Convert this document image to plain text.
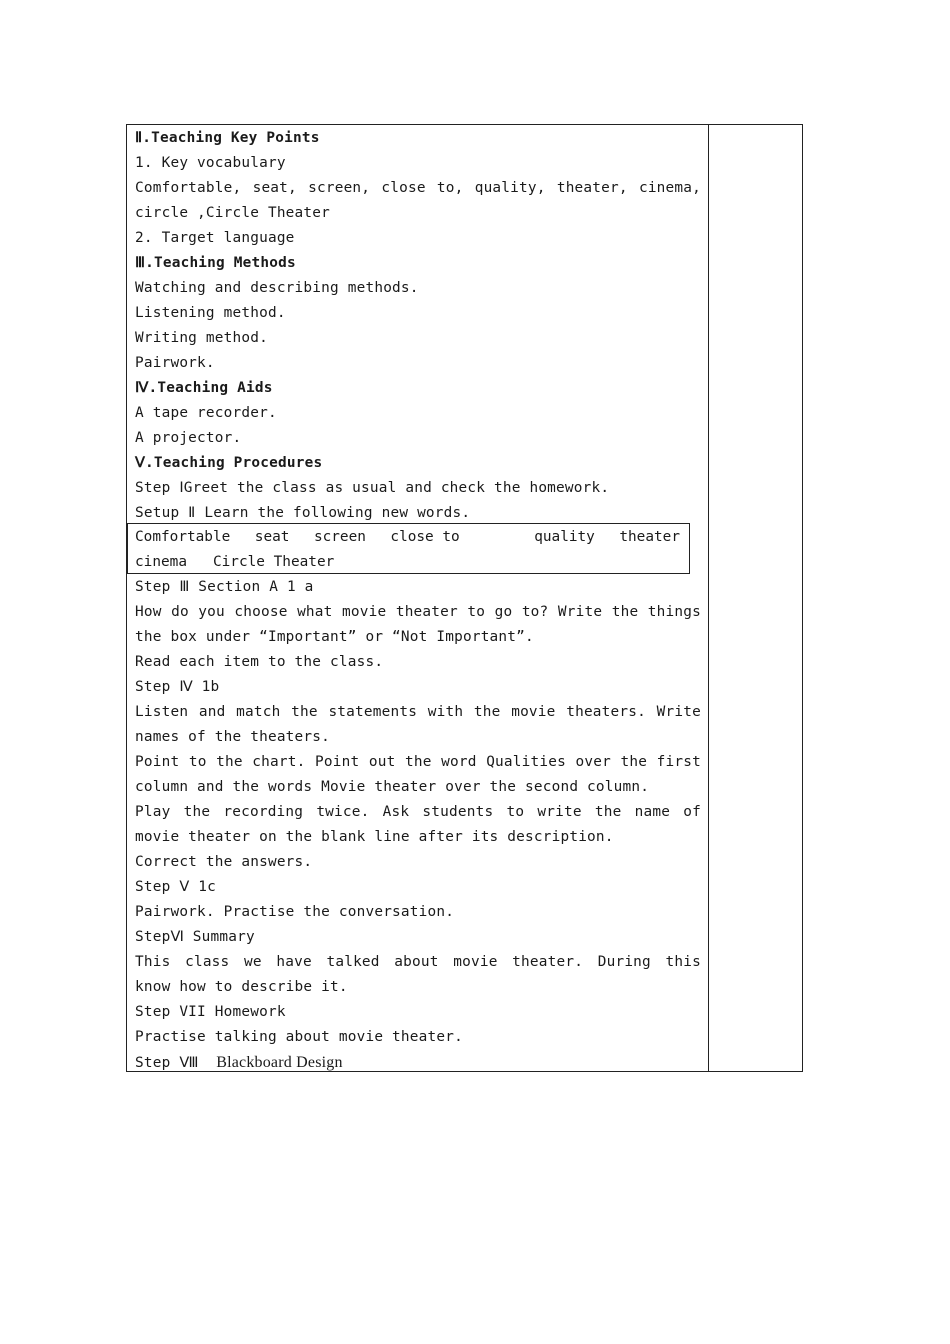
Ⅱ.Teaching Key Points
1. Key vocabulary
Comfortable, seat, screen, close to, quality, theater, cinema,
circle ,Circle Theater
2. Target language
Ⅲ.Teaching Methods
Watching and describing methods.
Listening method.
Writing method.
Pairwork.
Ⅳ.Teaching Aids
A tape recorder.
A projector.
Ⅴ.Teaching Procedures
Step ⅠGreet the class as usual and check the homework.
Setup Ⅱ Learn the following new words.
Comfortable seat screen close to	quality theater
cinema   Circle Theater
Step Ⅲ Section A 1 a
How do you choose what movie theater to go to? Write the things
the box under “Important” or “Not Important”.
Read each item to the class.
Step Ⅳ 1b
Listen and match the statements with the movie theaters. Write
names of the theaters.
Point to the chart. Point out the word Qualities over the first
column and the words Movie theater over the second column.
Play the recording twice. Ask students to write the name of
movie theater on the blank line after its description.
Correct the answers.
Step Ⅴ 1c
Pairwork. Practise the conversation.
StepⅥ Summary
This class we have talked about movie theater. During this
know how to describe it.
Step VII Homework
Practise talking about movie theater.
Step Ⅷ  Blackboard Design
